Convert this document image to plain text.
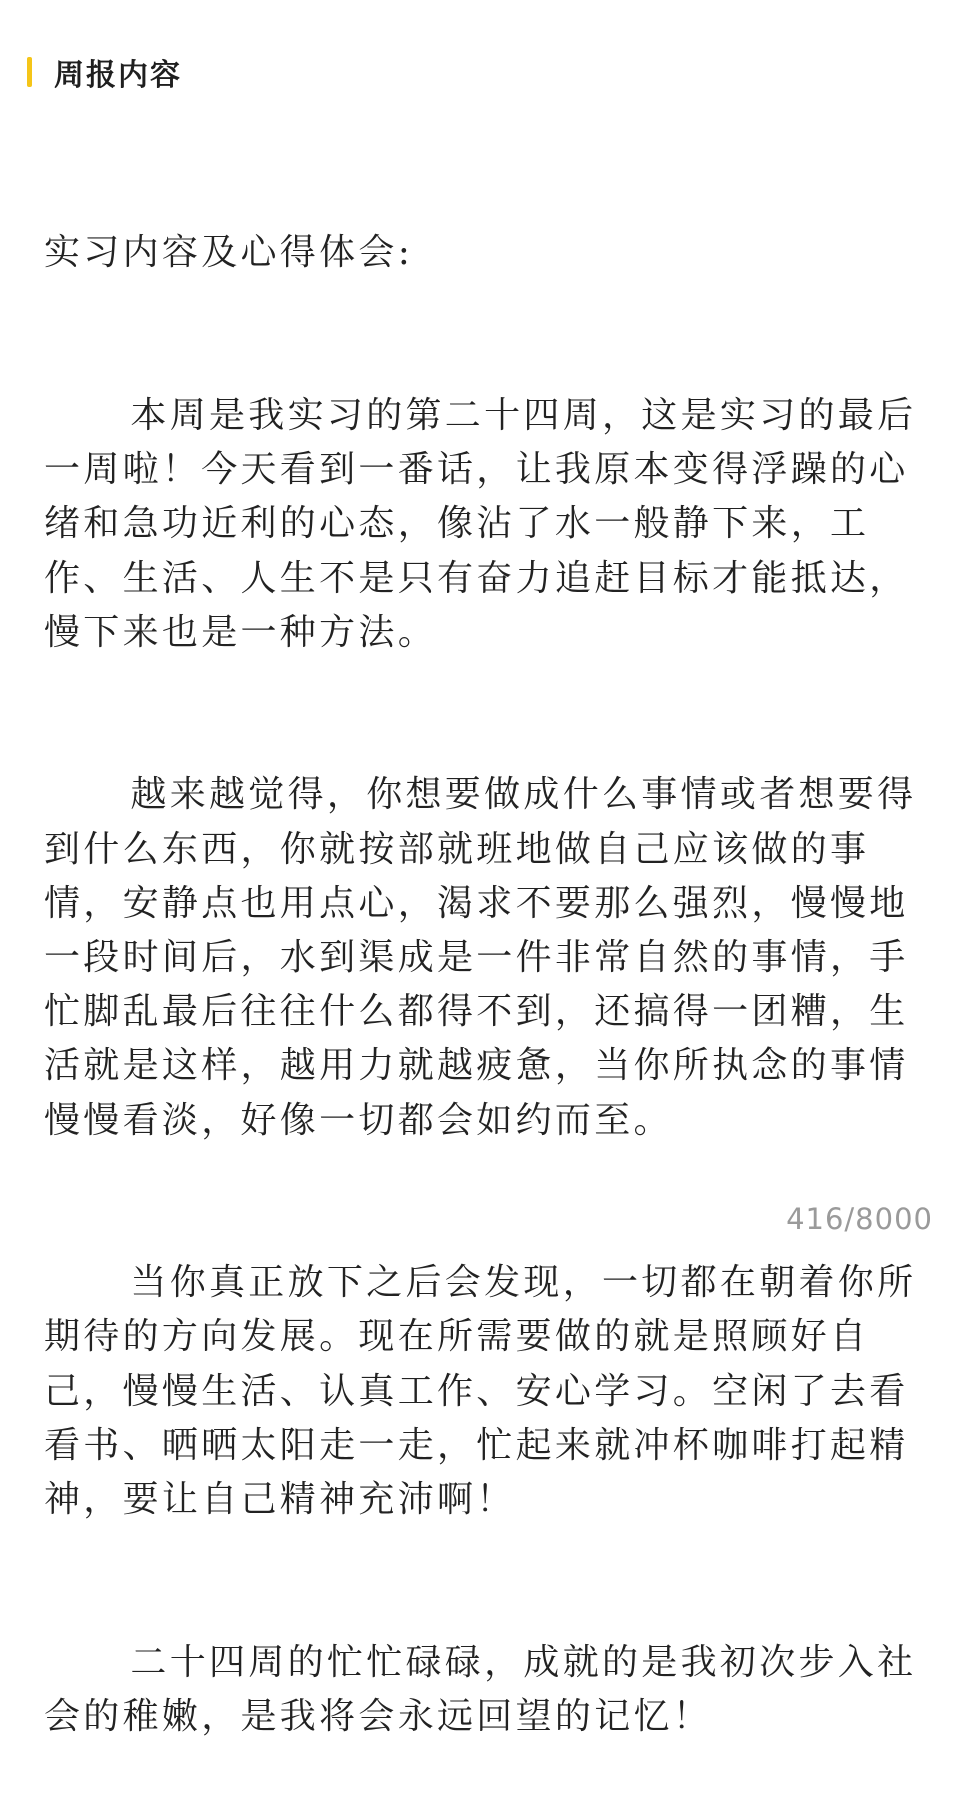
周报内容

实习内容及心得体会:

本周是我实习的第二十四周，这是实习的最后一周啦！今天看到一番话，让我原本变得浮躁的心绪和急功近利的心态，像沾了水一般静下来，工作、生活、人生不是只有奋力追赶目标才能抵达，慢下来也是一种方法。

越来越觉得，你想要做成什么事情或者想要得到什么东西，你就按部就班地做自己应该做的事情，安静点也用点心，渴求不要那么强烈，慢慢地一段时间后，水到渠成是一件非常自然的事情，手忙脚乱最后往往什么都得不到，还搞得一团糟，生活就是这样，越用力就越疲惫，当你所执念的事情慢慢看淡，好像一切都会如约而至。

当你真正放下之后会发现，一切都在朝着你所期待的方向发展。现在所需要做的就是照顾好自己，慢慢生活、认真工作、安心学习。空闲了去看看书、晒晒太阳走一走，忙起来就冲杯咖啡打起精神，要让自己精神充沛啊！

二十四周的忙忙碌碌，成就的是我初次步入社会的稚嫩，是我将会永远回望的记忆！

416/8000
